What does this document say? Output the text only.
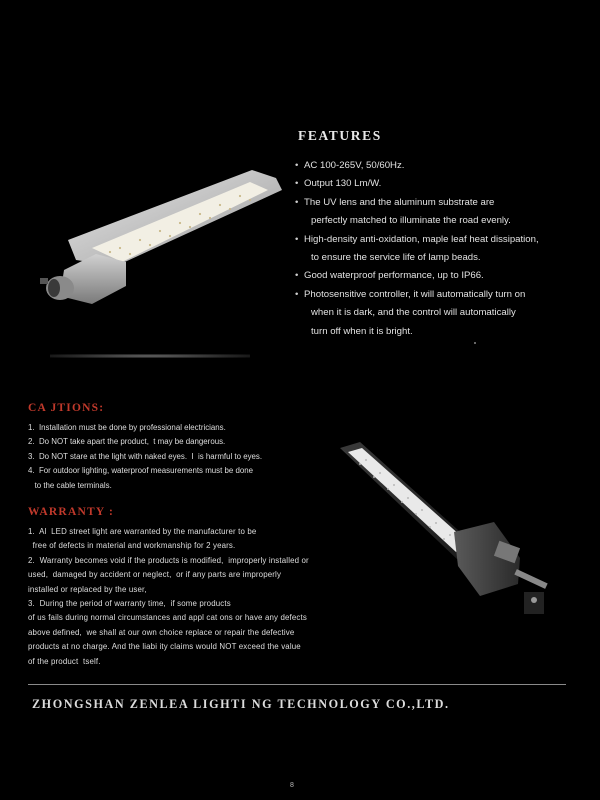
FEATURES
• AC 100-265V, 50/60Hz.
• Output 130 Lm/W.
• The UV lens and the aluminum substrate are
perfectly matched to illuminate the road evenly.
• High-density anti-oxidation, maple leaf heat dissipation,
to ensure the service life of lamp beads.
• Good waterproof performance, up to IP66.
• Photosensitive controller, it will automatically turn on
when it is dark, and the control will automatically
turn off when it is bright.
CA JTIONS:
1.  Installation must be done by professional electricians.
2.  Do NOT take apart the product,  t may be dangerous.
3.  Do NOT stare at the light with naked eyes.  I  is harmful to eyes.
4.  For outdoor lighting, waterproof measurements must be done
to the cable terminals.
WARRANTY :
1.  Al  LED street light are warranted by the manufacturer to be
free of defects in material and workmanship for 2 years.
2.  Warranty becomes void if the products is modified,  improperly installed or
used,  damaged by accident or neglect,  or if any parts are improperly
installed or replaced by the user,
3.  During the period of warranty time,  if some products
of us fails during normal circumstances and appl cat ons or have any defects
above defined,  we shall at our own choice replace or repair the defective
products at no charge. And the liabi ity claims would NOT exceed the value
of the product  tself.
ZHONGSHAN ZENLEA LIGHTI NG TECHNOLOGY CO.,LTD.
8
